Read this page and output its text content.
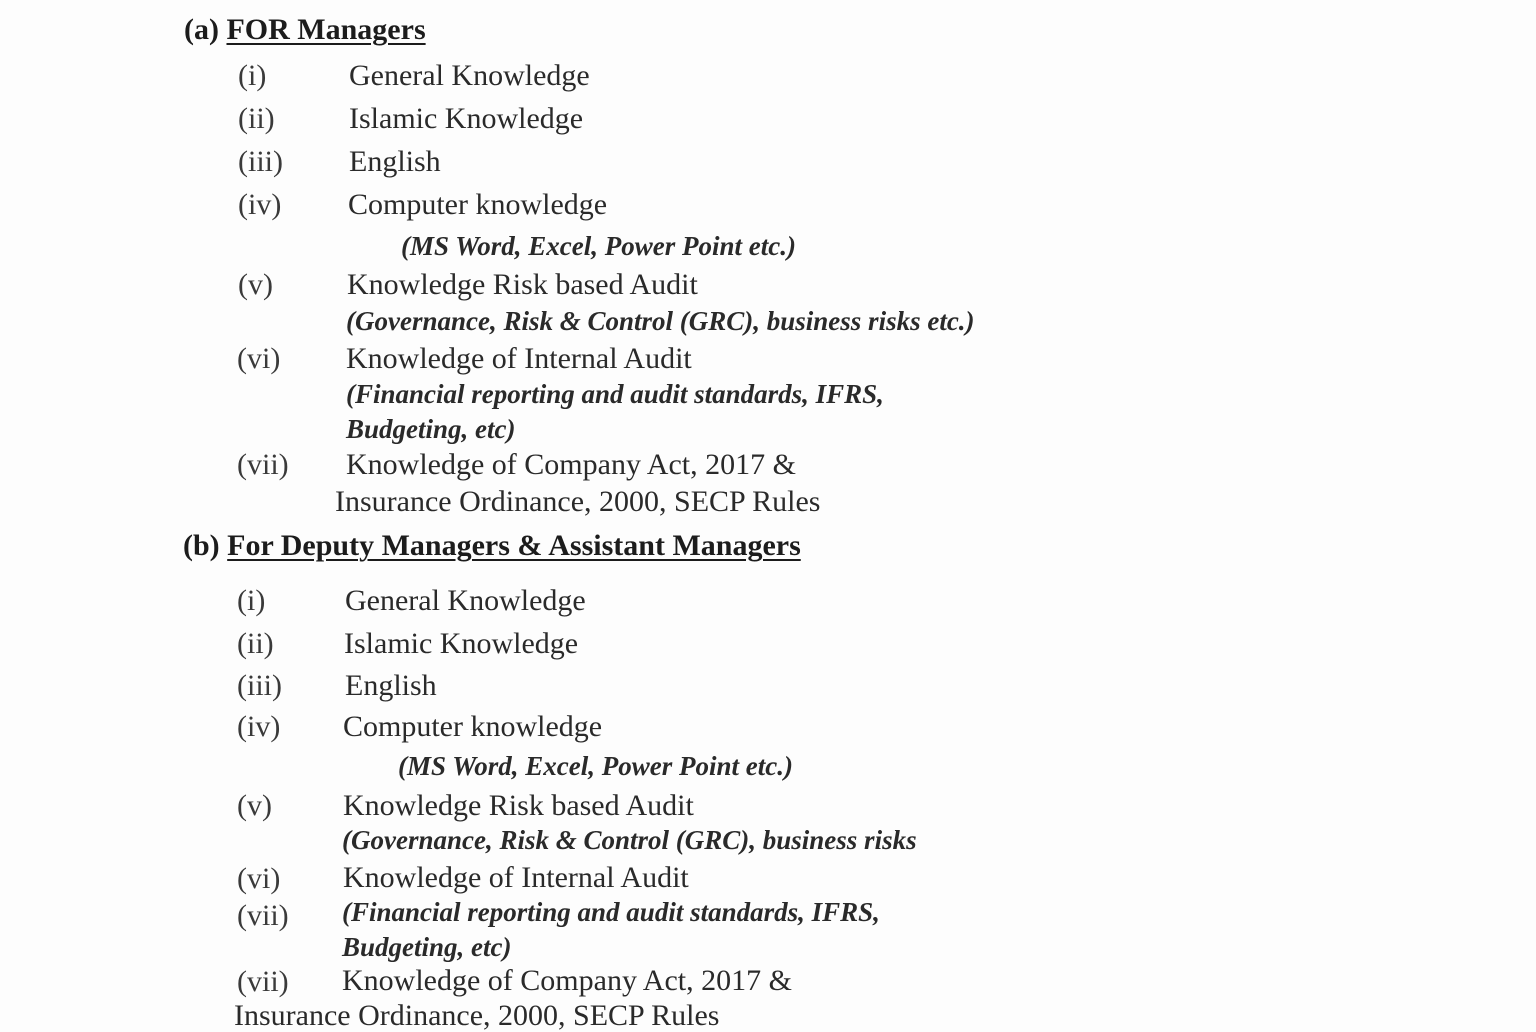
(a) FOR Managers
(i)	General Knowledge
(ii) Islamic Knowledge
(iii) English
(iv) Computer knowledge
(MS Word, Excel, Power Point etc.)
(v) Knowledge Risk based Audit
(Governance, Risk & Control (GRC), business risks etc.)
(vi) Knowledge of Internal Audit
(Financial reporting and audit standards, IFRS,
Budgeting, etc)
(vii) Knowledge of Company Act, 2017 &
Insurance Ordinance, 2000, SECP Rules
(b) For Deputy Managers & Assistant Managers
(i)	General Knowledge
(ii) Islamic Knowledge
(iii) English
(iv) Computer knowledge
(MS Word, Excel, Power Point etc.)
(v) Knowledge Risk based Audit
(Governance, Risk & Control (GRC), business risks
(vi) Knowledge of Internal Audit
(vii) (Financial reporting and audit standards, IFRS,
Budgeting, etc)
(vii) Knowledge of Company Act, 2017 &
Insurance Ordinance, 2000, SECP Rules
